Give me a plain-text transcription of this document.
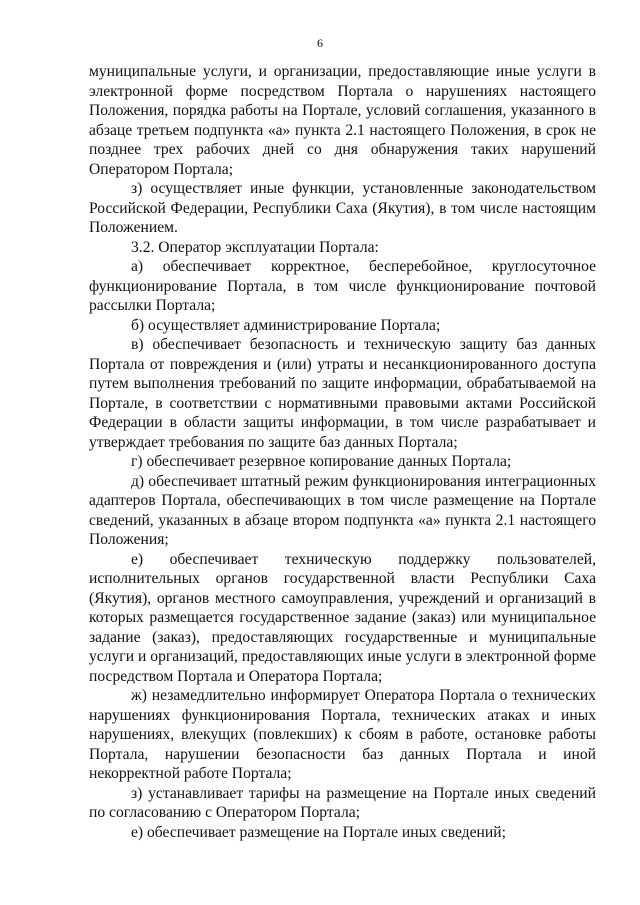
6

муниципальные услуги, и организации, предоставляющие иные услуги в электронной форме посредством Портала о нарушениях настоящего Положения, порядка работы на Портале, условий соглашения, указанного в абзаце третьем подпункта «а» пункта 2.1 настоящего Положения, в срок не позднее трех рабочих дней со дня обнаружения таких нарушений Оператором Портала;

з) осуществляет иные функции, установленные законодательством Российской Федерации, Республики Саха (Якутия), в том числе настоящим Положением.

3.2. Оператор эксплуатации Портала:

а) обеспечивает корректное, бесперебойное, круглосуточное функционирование Портала, в том числе функционирование почтовой рассылки Портала;

б) осуществляет администрирование Портала;

в) обеспечивает безопасность и техническую защиту баз данных Портала от повреждения и (или) утраты и несанкционированного доступа путем выполнения требований по защите информации, обрабатываемой на Портале, в соответствии с нормативными правовыми актами Российской Федерации в области защиты информации, в том числе разрабатывает и утверждает требования по защите баз данных Портала;

г) обеспечивает резервное копирование данных Портала;

д) обеспечивает штатный режим функционирования интеграционных адаптеров Портала, обеспечивающих в том числе размещение на Портале сведений, указанных в абзаце втором подпункта «а» пункта 2.1 настоящего Положения;

е) обеспечивает техническую поддержку пользователей, исполнительных органов государственной власти Республики Саха (Якутия), органов местного самоуправления, учреждений и организаций в которых размещается государственное задание (заказ) или муниципальное задание (заказ), предоставляющих государственные и муниципальные услуги и организаций, предоставляющих иные услуги в электронной форме посредством Портала и Оператора Портала;

ж) незамедлительно информирует Оператора Портала о технических нарушениях функционирования Портала, технических атаках и иных нарушениях, влекущих (повлекших) к сбоям в работе, остановке работы Портала, нарушении безопасности баз данных Портала и иной некорректной работе Портала;

з) устанавливает тарифы на размещение на Портале иных сведений по согласованию с Оператором Портала;

е) обеспечивает размещение на Портале иных сведений;
